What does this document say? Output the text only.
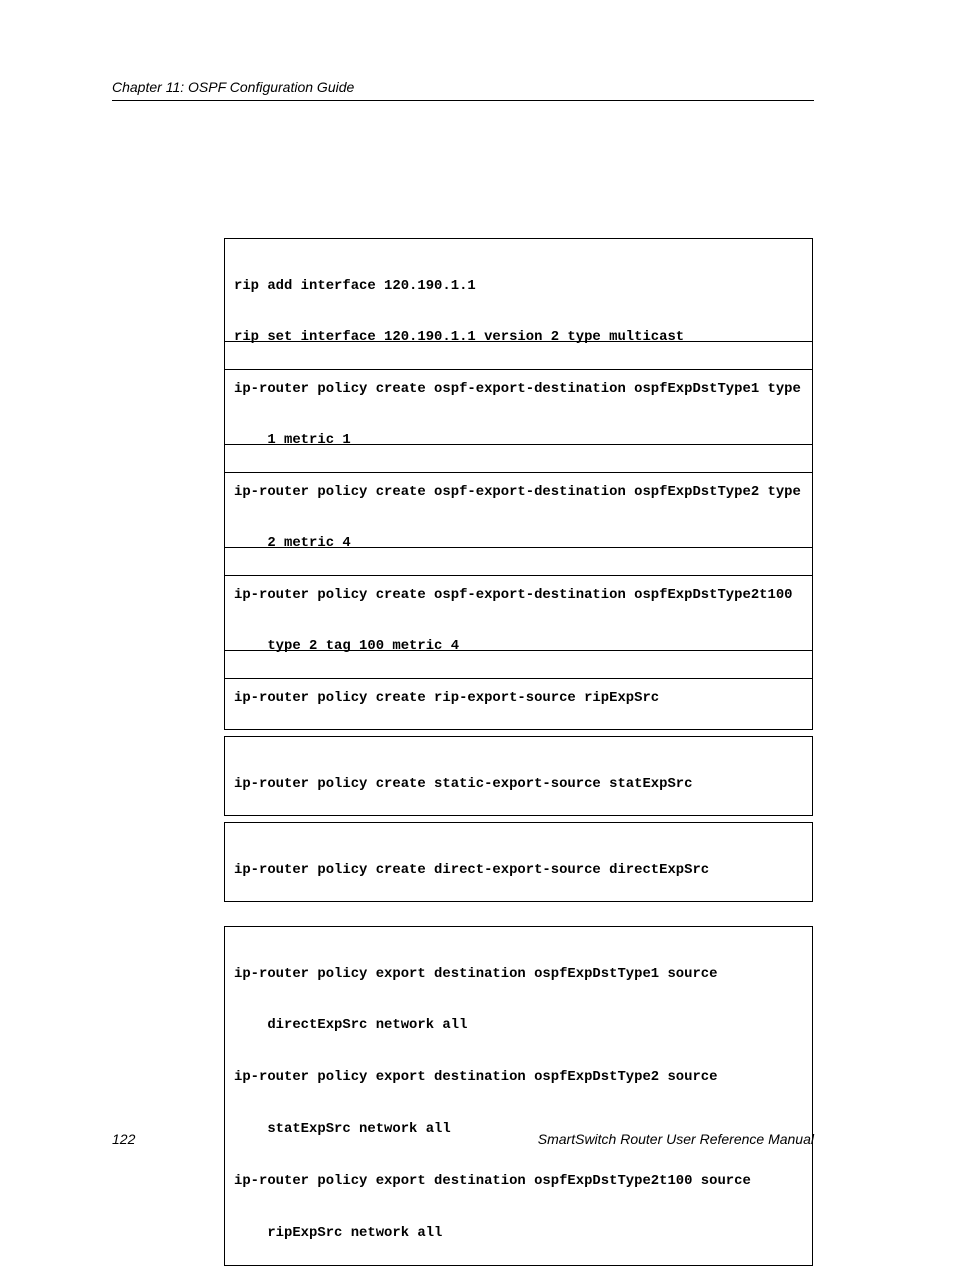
Chapter 11: OSPF Configuration Guide

rip add interface 120.190.1.1

rip set interface 120.190.1.1 version 2 type multicast

ip-router policy create ospf-export-destination ospfExpDstType1 type

1 metric 1

ip-router policy create ospf-export-destination ospfExpDstType2 type

2 metric 4

ip-router policy create ospf-export-destination ospfExpDstType2t100

type 2 tag 100 metric 4

ip-router policy create rip-export-source ripExpSrc

ip-router policy create static-export-source statExpSrc

ip-router policy create direct-export-source directExpSrc

ip-router policy export destination ospfExpDstType1 source

directExpSrc network all

ip-router policy export destination ospfExpDstType2 source

statExpSrc network all

ip-router policy export destination ospfExpDstType2t100 source

ripExpSrc network all

122	SmartSwitch Router User Reference Manual
